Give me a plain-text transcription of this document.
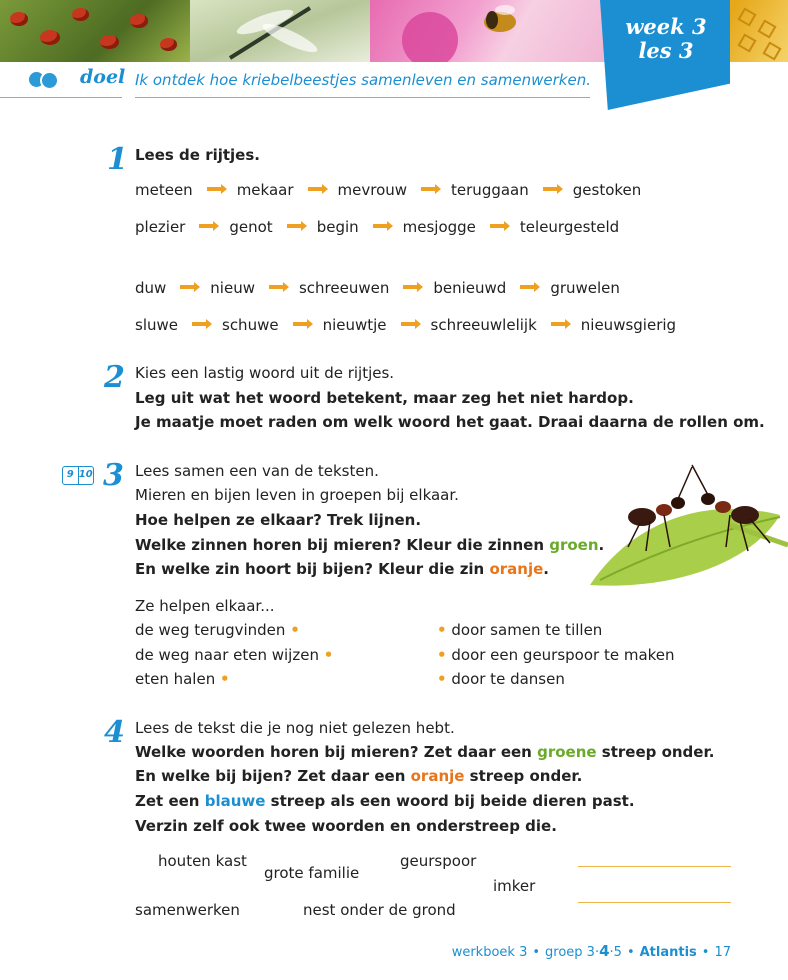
week 3
les 3
doel Ik ontdek hoe kriebelbeestjes samenleven en samenwerken.
1 Lees de rijtjes.
meteen	mekaar	mevrouw	teruggaan	gestoken
plezier	genot	begin	mesjogge	teleurgesteld
duw	nieuw	schreeuwen	benieuwd	gruwelen
sluwe	schuwe	nieuwtje	schreeuwlelijk	nieuwsgierig
2 Kies een lastig woord uit de rijtjes.
Leg uit wat het woord betekent, maar zeg het niet hardop.
Je maatje moet raden om welk woord het gaat. Draai daarna de rollen om.
9 10 3 Lees samen een van de teksten.
Mieren en bijen leven in groepen bij elkaar.
Hoe helpen ze elkaar? Trek lijnen.
Welke zinnen horen bij mieren? Kleur die zinnen groen.
En welke zin hoort bij bijen? Kleur die zin oranje.
Ze helpen elkaar...
de weg terugvinden •
de weg naar eten wijzen •
eten halen •
• door samen te tillen
• door een geurspoor te maken
• door te dansen
4 Lees de tekst die je nog niet gelezen hebt.
Welke woorden horen bij mieren? Zet daar een groene streep onder.
En welke bij bijen? Zet daar een oranje streep onder.
Zet een blauwe streep als een woord bij beide dieren past.
Verzin zelf ook twee woorden en onderstreep die.
houten kast
grote familie
geurspoor
imker
samenwerken	nest onder de grond
werkboek 3 • groep 3·4·5 • Atlantis • 17
